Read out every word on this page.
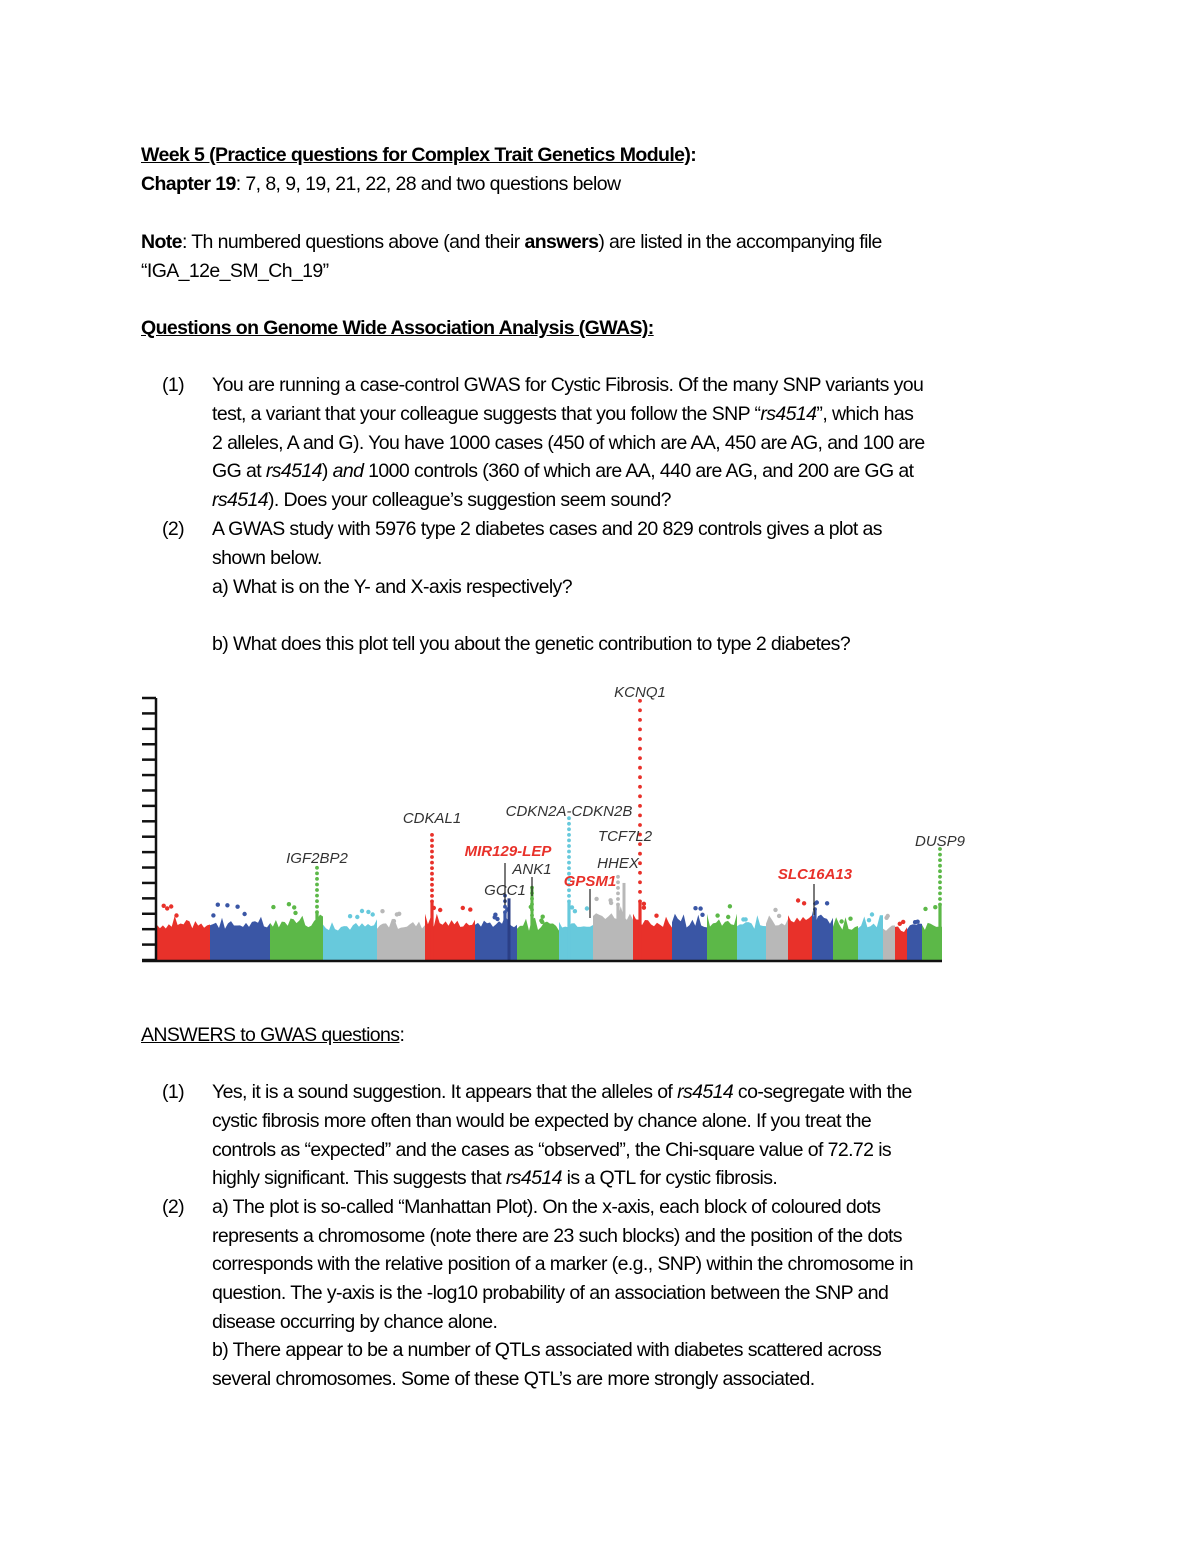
Week 5 (Practice questions for Complex Trait Genetics Module):
Chapter 19: 7, 8, 9, 19, 21, 22, 28 and two questions below
Note: Th numbered questions above (and their answers) are listed in the accompanying file
“IGA_12e_SM_Ch_19”
Questions on Genome Wide Association Analysis (GWAS):
(1) You are running a case-control GWAS for Cystic Fibrosis. Of the many SNP variants you
test, a variant that your colleague suggests that you follow the SNP “rs4514”, which has
2 alleles, A and G). You have 1000 cases (450 of which are AA, 450 are AG, and 100 are
GG at rs4514) and 1000 controls (360 of which are AA, 440 are AG, and 200 are GG at
rs4514). Does your colleague’s suggestion seem sound?
(2) A GWAS study with 5976 type 2 diabetes cases and 20 829 controls gives a plot as
shown below.
a) What is on the Y- and X-axis respectively?
b) What does this plot tell you about the genetic contribution to type 2 diabetes?
KCNQ1
CDKAL1	CDKN2A-CDKN2B
TCF7L2
IGF2BP2	MIR129-LEP
ANK1	HHEX
GPSM1
GCC1
SLC16A13
DUSP9
ANSWERS to GWAS questions:
(1) Yes, it is a sound suggestion. It appears that the alleles of rs4514 co-segregate with the
cystic fibrosis more often than would be expected by chance alone. If you treat the
controls as “expected” and the cases as “observed”, the Chi-square value of 72.72 is
highly significant. This suggests that rs4514 is a QTL for cystic fibrosis.
(2) a) The plot is so-called “Manhattan Plot). On the x-axis, each block of coloured dots
represents a chromosome (note there are 23 such blocks) and the position of the dots
corresponds with the relative position of a marker (e.g., SNP) within the chromosome in
question. The y-axis is the -log10 probability of an association between the SNP and
disease occurring by chance alone.
b) There appear to be a number of QTLs associated with diabetes scattered across
several chromosomes. Some of these QTL’s are more strongly associated.
